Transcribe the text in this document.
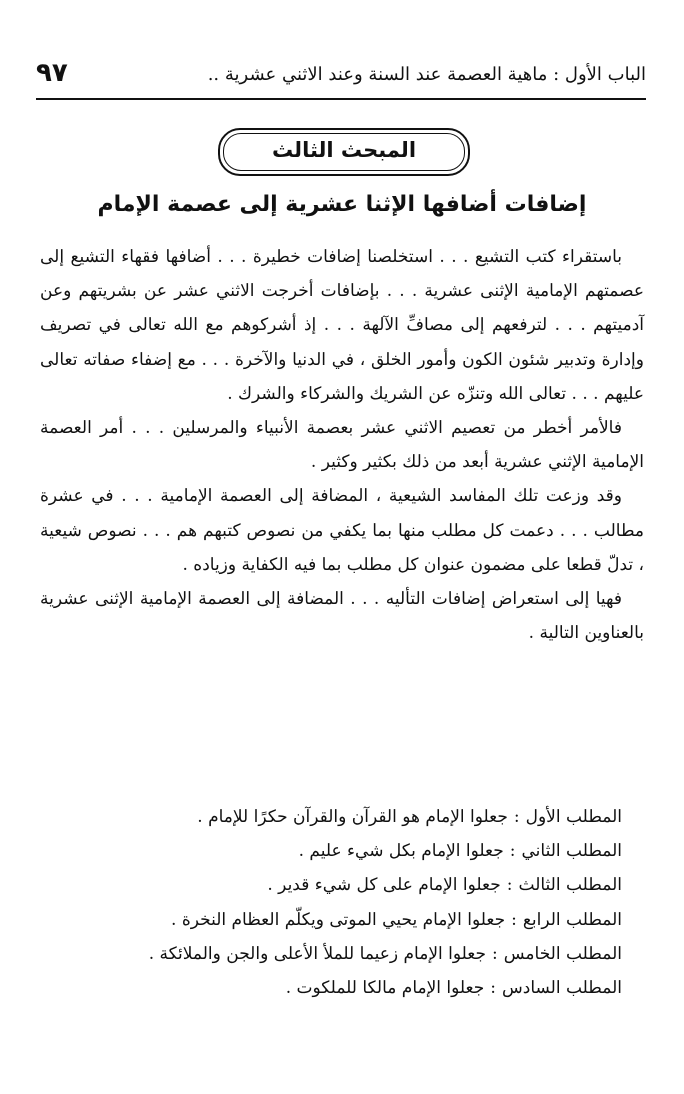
الباب الأول : ماهية العصمة عند السنة وعند الاثني عشرية ..
٩٧
المبحث الثالث
إضافات أضافها الإثنا عشرية إلى عصمة الإمام

باستقراء كتب التشيع . . . استخلصنا إضافات خطيرة . . . أضافها فقهاء التشيع إلى عصمتهم الإمامية الإثنى عشرية . . . بإضافات أخرجت الاثني عشر عن بشريتهم وعن آدميتهم . . . لترفعهم إلى مصافِّ الآلهة . . . إذ أشركوهم مع الله تعالى في تصريف وإدارة وتدبير شئون الكون وأمور الخلق ، في الدنيا والآخرة . . . مع إضفاء صفاته تعالى عليهم . . . تعالى الله وتنزّه عن الشريك والشركاء والشرك .

فالأمر أخطر من تعصيم الاثني عشر بعصمة الأنبياء والمرسلين . . . أمر العصمة الإمامية الإثني عشرية أبعد من ذلك بكثير وكثير .

وقد وزعت تلك المفاسد الشيعية ، المضافة إلى العصمة الإمامية . . . في عشرة مطالب . . . دعمت كل مطلب منها بما يكفي من نصوص كتبهم هم . . . نصوص شيعية ، تدلّ قطعا على مضمون عنوان كل مطلب بما فيه الكفاية وزياده .

فهيا إلى استعراض إضافات التأليه . . . المضافة إلى العصمة الإمامية الإثنى عشرية بالعناوين التالية .

المطلب الأول:جعلوا الإمام هو القرآن والقرآن حكرًا للإمام .
المطلب الثاني:جعلوا الإمام بكل شيء عليم .
المطلب الثالث:جعلوا الإمام على كل شيء قدير .
المطلب الرابع:جعلوا الإمام يحيي الموتى ويكلّم العظام النخرة .
المطلب الخامس:جعلوا الإمام زعيما للملأ الأعلى والجن والملائكة .
المطلب السادس:جعلوا الإمام مالكا للملكوت .
